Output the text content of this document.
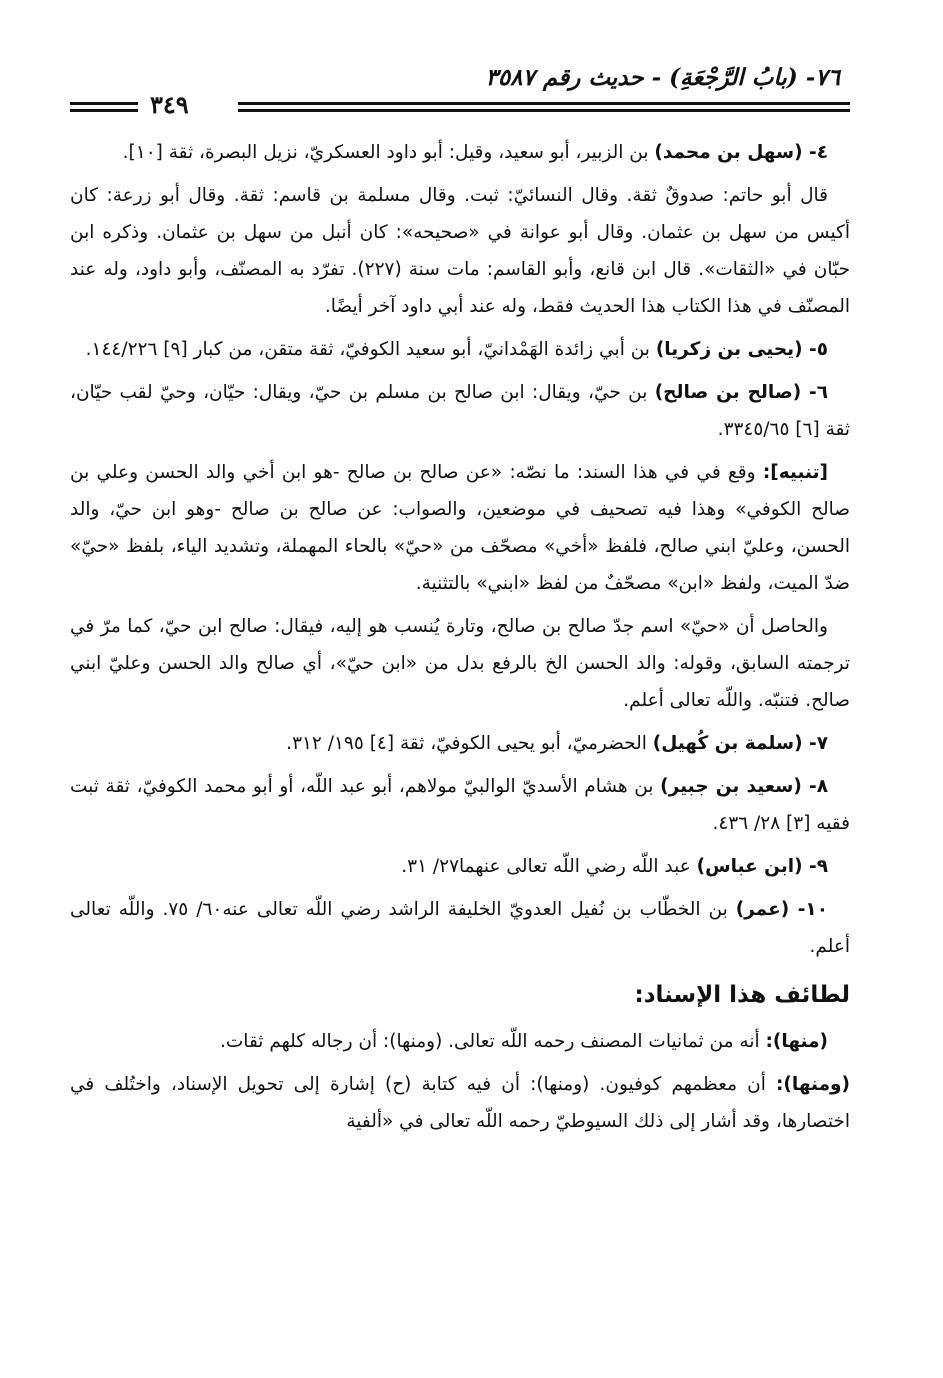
٧٦- (بابُ الرَّجْعَةِ) - حديث رقم ٣٥٨٧
٣٤٩

٤- (سهل بن محمد) بن الزبير، أبو سعيد، وقيل: أبو داود العسكريّ، نزيل البصرة، ثقة [١٠].

قال أبو حاتم: صدوقٌ ثقة. وقال النسائيّ: ثبت. وقال مسلمة بن قاسم: ثقة. وقال أبو زرعة: كان أكيس من سهل بن عثمان. وقال أبو عوانة في «صحيحه»: كان أنبل من سهل بن عثمان. وذكره ابن حبّان في «الثقات». قال ابن قانع، وأبو القاسم: مات سنة (٢٢٧). تفرّد به المصنّف، وأبو داود، وله عند المصنّف في هذا الكتاب هذا الحديث فقط، وله عند أبي داود آخر أيضًا.

٥- (يحيى بن زكريا) بن أبي زائدة الهَمْدانيّ، أبو سعيد الكوفيّ، ثقة متقن، من كبار [٩] ١٤٤/٢٢٦.

٦- (صالح بن صالح) بن حيّ، ويقال: ابن صالح بن مسلم بن حيّ، ويقال: حيّان، وحيّ لقب حيّان، ثقة [٦] ٣٣٤٥/٦٥.

[تنبيه]: وقع في في هذا السند: ما نصّه: «عن صالح بن صالح -هو ابن أخي والد الحسن وعلي بن صالح الكوفي» وهذا فيه تصحيف في موضعين، والصواب: عن صالح بن صالح -وهو ابن حيّ، والد الحسن، وعليّ ابني صالح، فلفظ «أخي» مصحّف من «حيّ» بالحاء المهملة، وتشديد الياء، بلفظ «حيّ» ضدّ الميت، ولفظ «ابن» مصحّفٌ من لفظ «ابني» بالتثنية.

والحاصل أن «حيّ» اسم جدّ صالح بن صالح، وتارة يُنسب هو إليه، فيقال: صالح ابن حيّ، كما مرّ في ترجمته السابق، وقوله: والد الحسن الخ بالرفع بدل من «ابن حيّ»، أي صالح والد الحسن وعليّ ابني صالح. فتنبّه. واللّه تعالى أعلم.

٧- (سلمة بن كُهيل) الحضرميّ، أبو يحيى الكوفيّ، ثقة [٤] ١٩٥/ ٣١٢.

٨- (سعيد بن جبير) بن هشام الأسديّ الوالبيّ مولاهم، أبو عبد اللّه، أو أبو محمد الكوفيّ، ثقة ثبت فقيه [٣] ٢٨/ ٤٣٦.

٩- (ابن عباس) عبد اللّه رضي اللّه تعالى عنهما٢٧/ ٣١.

١٠- (عمر) بن الخطّاب بن نُفيل العدويّ الخليفة الراشد رضي اللّه تعالى عنه٦٠/ ٧٥. واللّه تعالى أعلم.

لطائف هذا الإسناد:

(منها): أنه من ثمانيات المصنف رحمه اللّه تعالى. (ومنها): أن رجاله كلهم ثقات.

(ومنها): أن معظمهم كوفيون. (ومنها): أن فيه كتابة (ح) إشارة إلى تحويل الإسناد، واختُلف في اختصارها، وقد أشار إلى ذلك السيوطيّ رحمه اللّه تعالى في «ألفية
